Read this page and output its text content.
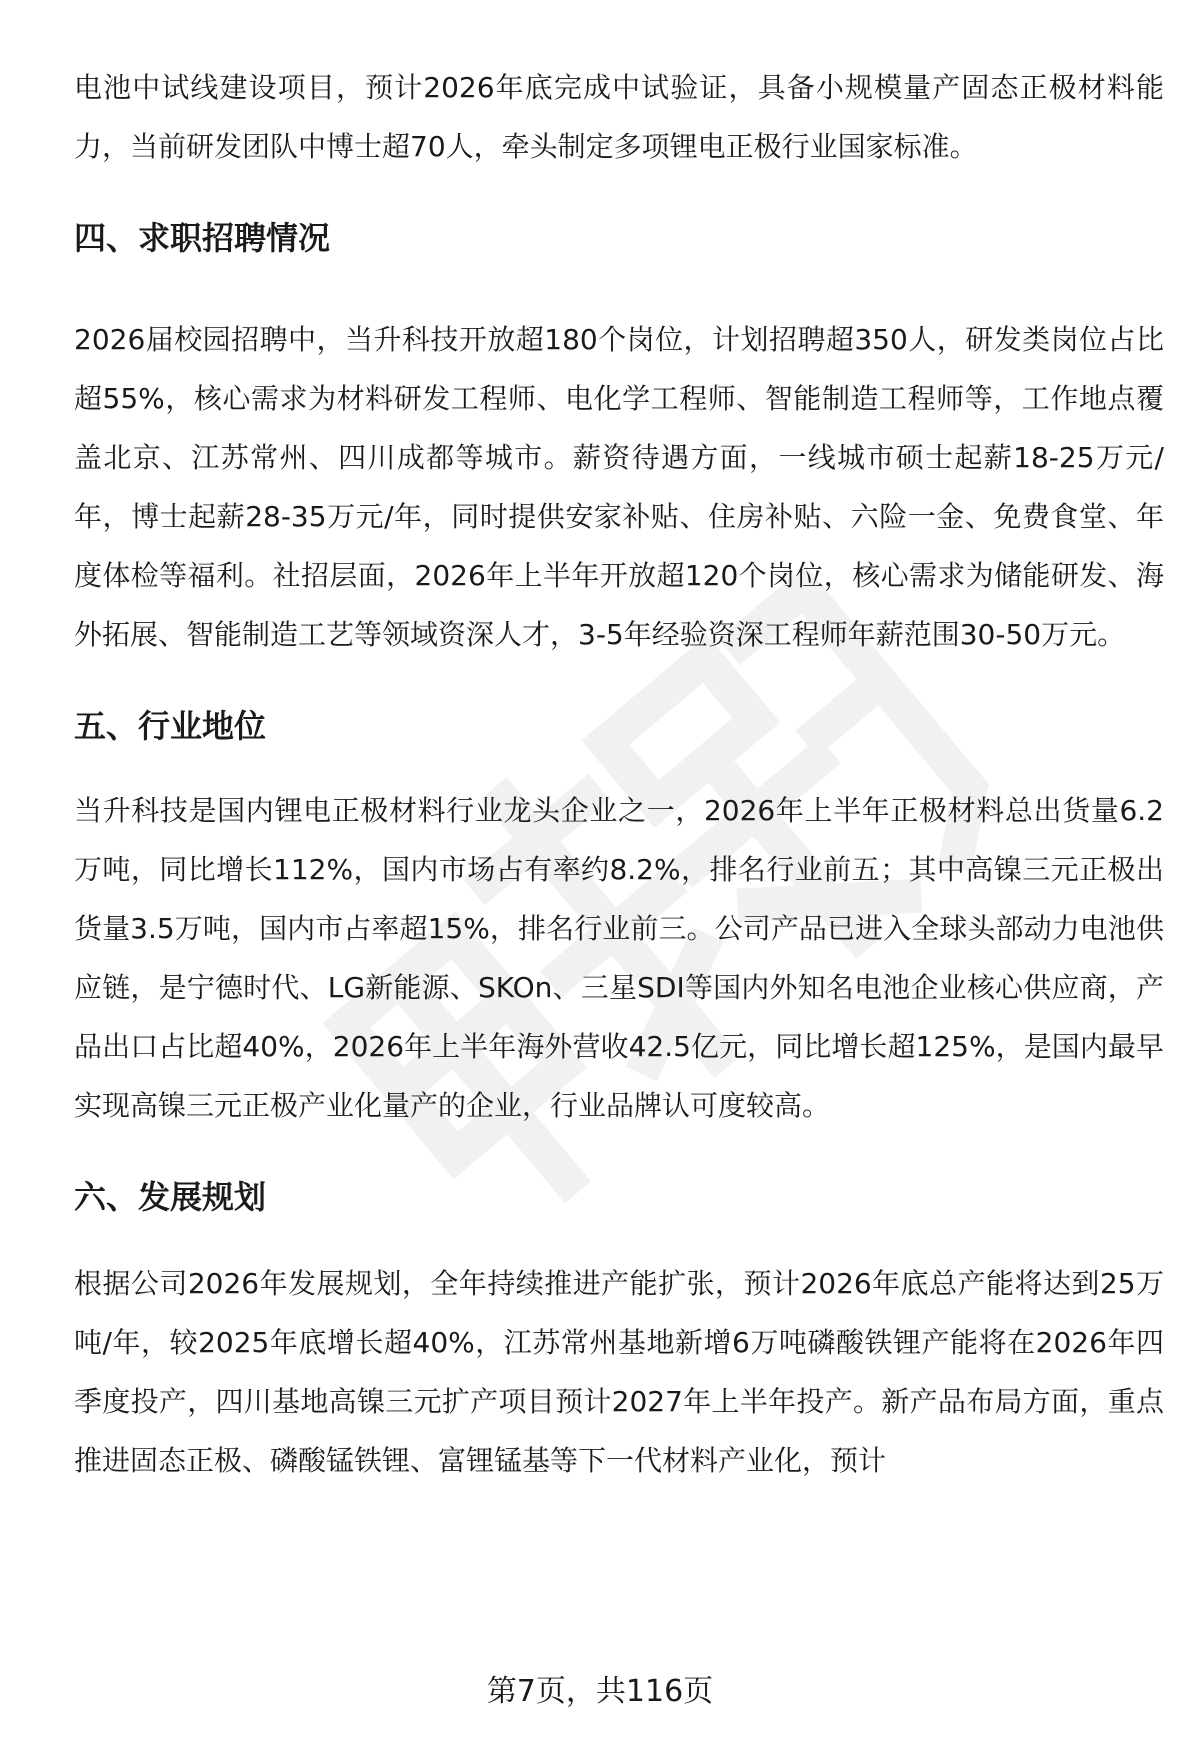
电池中试线建设项目，预计2026年底完成中试验证，具备小规模量产固态正极材料能力，当前研发团队中博士超70人，牵头制定多项锂电正极行业国家标准。

四、求职招聘情况

2026届校园招聘中，当升科技开放超180个岗位，计划招聘超350人，研发类岗位占比超55%，核心需求为材料研发工程师、电化学工程师、智能制造工程师等，工作地点覆盖北京、江苏常州、四川成都等城市。薪资待遇方面，一线城市硕士起薪18-25万元/年，博士起薪28-35万元/年，同时提供安家补贴、住房补贴、六险一金、免费食堂、年度体检等福利。社招层面，2026年上半年开放超120个岗位，核心需求为储能研发、海外拓展、智能制造工艺等领域资深人才，3-5年经验资深工程师年薪范围30-50万元。

五、行业地位

当升科技是国内锂电正极材料行业龙头企业之一，2026年上半年正极材料总出货量6.2万吨，同比增长112%，国内市场占有率约8.2%，排名行业前五；其中高镍三元正极出货量3.5万吨，国内市占率超15%，排名行业前三。公司产品已进入全球头部动力电池供应链，是宁德时代、LG新能源、SKOn、三星SDI等国内外知名电池企业核心供应商，产品出口占比超40%，2026年上半年海外营收42.5亿元，同比增长超125%，是国内最早实现高镍三元正极产业化量产的企业，行业品牌认可度较高。

六、发展规划

根据公司2026年发展规划，全年持续推进产能扩张，预计2026年底总产能将达到25万吨/年，较2025年底增长超40%，江苏常州基地新增6万吨磷酸铁锂产能将在2026年四季度投产，四川基地高镍三元扩产项目预计2027年上半年投产。新产品布局方面，重点推进固态正极、磷酸锰铁锂、富锂锰基等下一代材料产业化，预计

第7页，共116页
